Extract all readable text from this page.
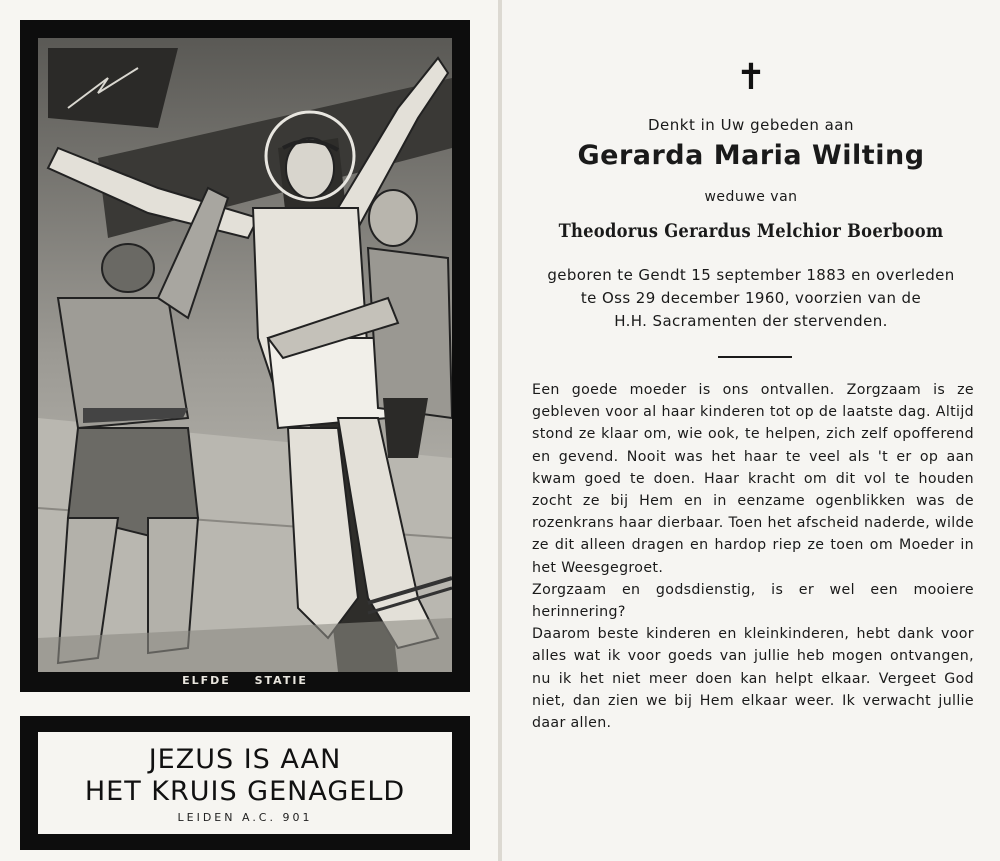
ELFDE STATIE
JEZUS IS AAN
HET KRUIS GENAGELD
LEIDEN A.C. 901
✝
Denkt in Uw gebeden aan
Gerarda Maria Wilting
weduwe van
Theodorus Gerardus Melchior Boerboom
geboren te Gendt 15 september 1883 en overleden
te Oss 29 december 1960, voorzien van de
H.H. Sacramenten der stervenden.

Een goede moeder is ons ontvallen. Zorgzaam is ze gebleven voor al haar kinderen tot op de laatste dag. Altijd stond ze klaar om, wie ook, te helpen, zich zelf opofferend en gevend. Nooit was het haar te veel als 't er op aan kwam goed te doen. Haar kracht om dit vol te houden zocht ze bij Hem en in eenzame ogenblikken was de rozenkrans haar dierbaar. Toen het afscheid naderde, wilde ze dit alleen dragen en hardop riep ze toen om Moeder in het Weesgegroet.

Zorgzaam en godsdienstig, is er wel een mooiere herinnering?

Daarom beste kinderen en kleinkinderen, hebt dank voor alles wat ik voor goeds van jullie heb mogen ontvangen, nu ik het niet meer doen kan helpt elkaar. Vergeet God niet, dan zien we bij Hem elkaar weer. Ik verwacht jullie daar allen.
